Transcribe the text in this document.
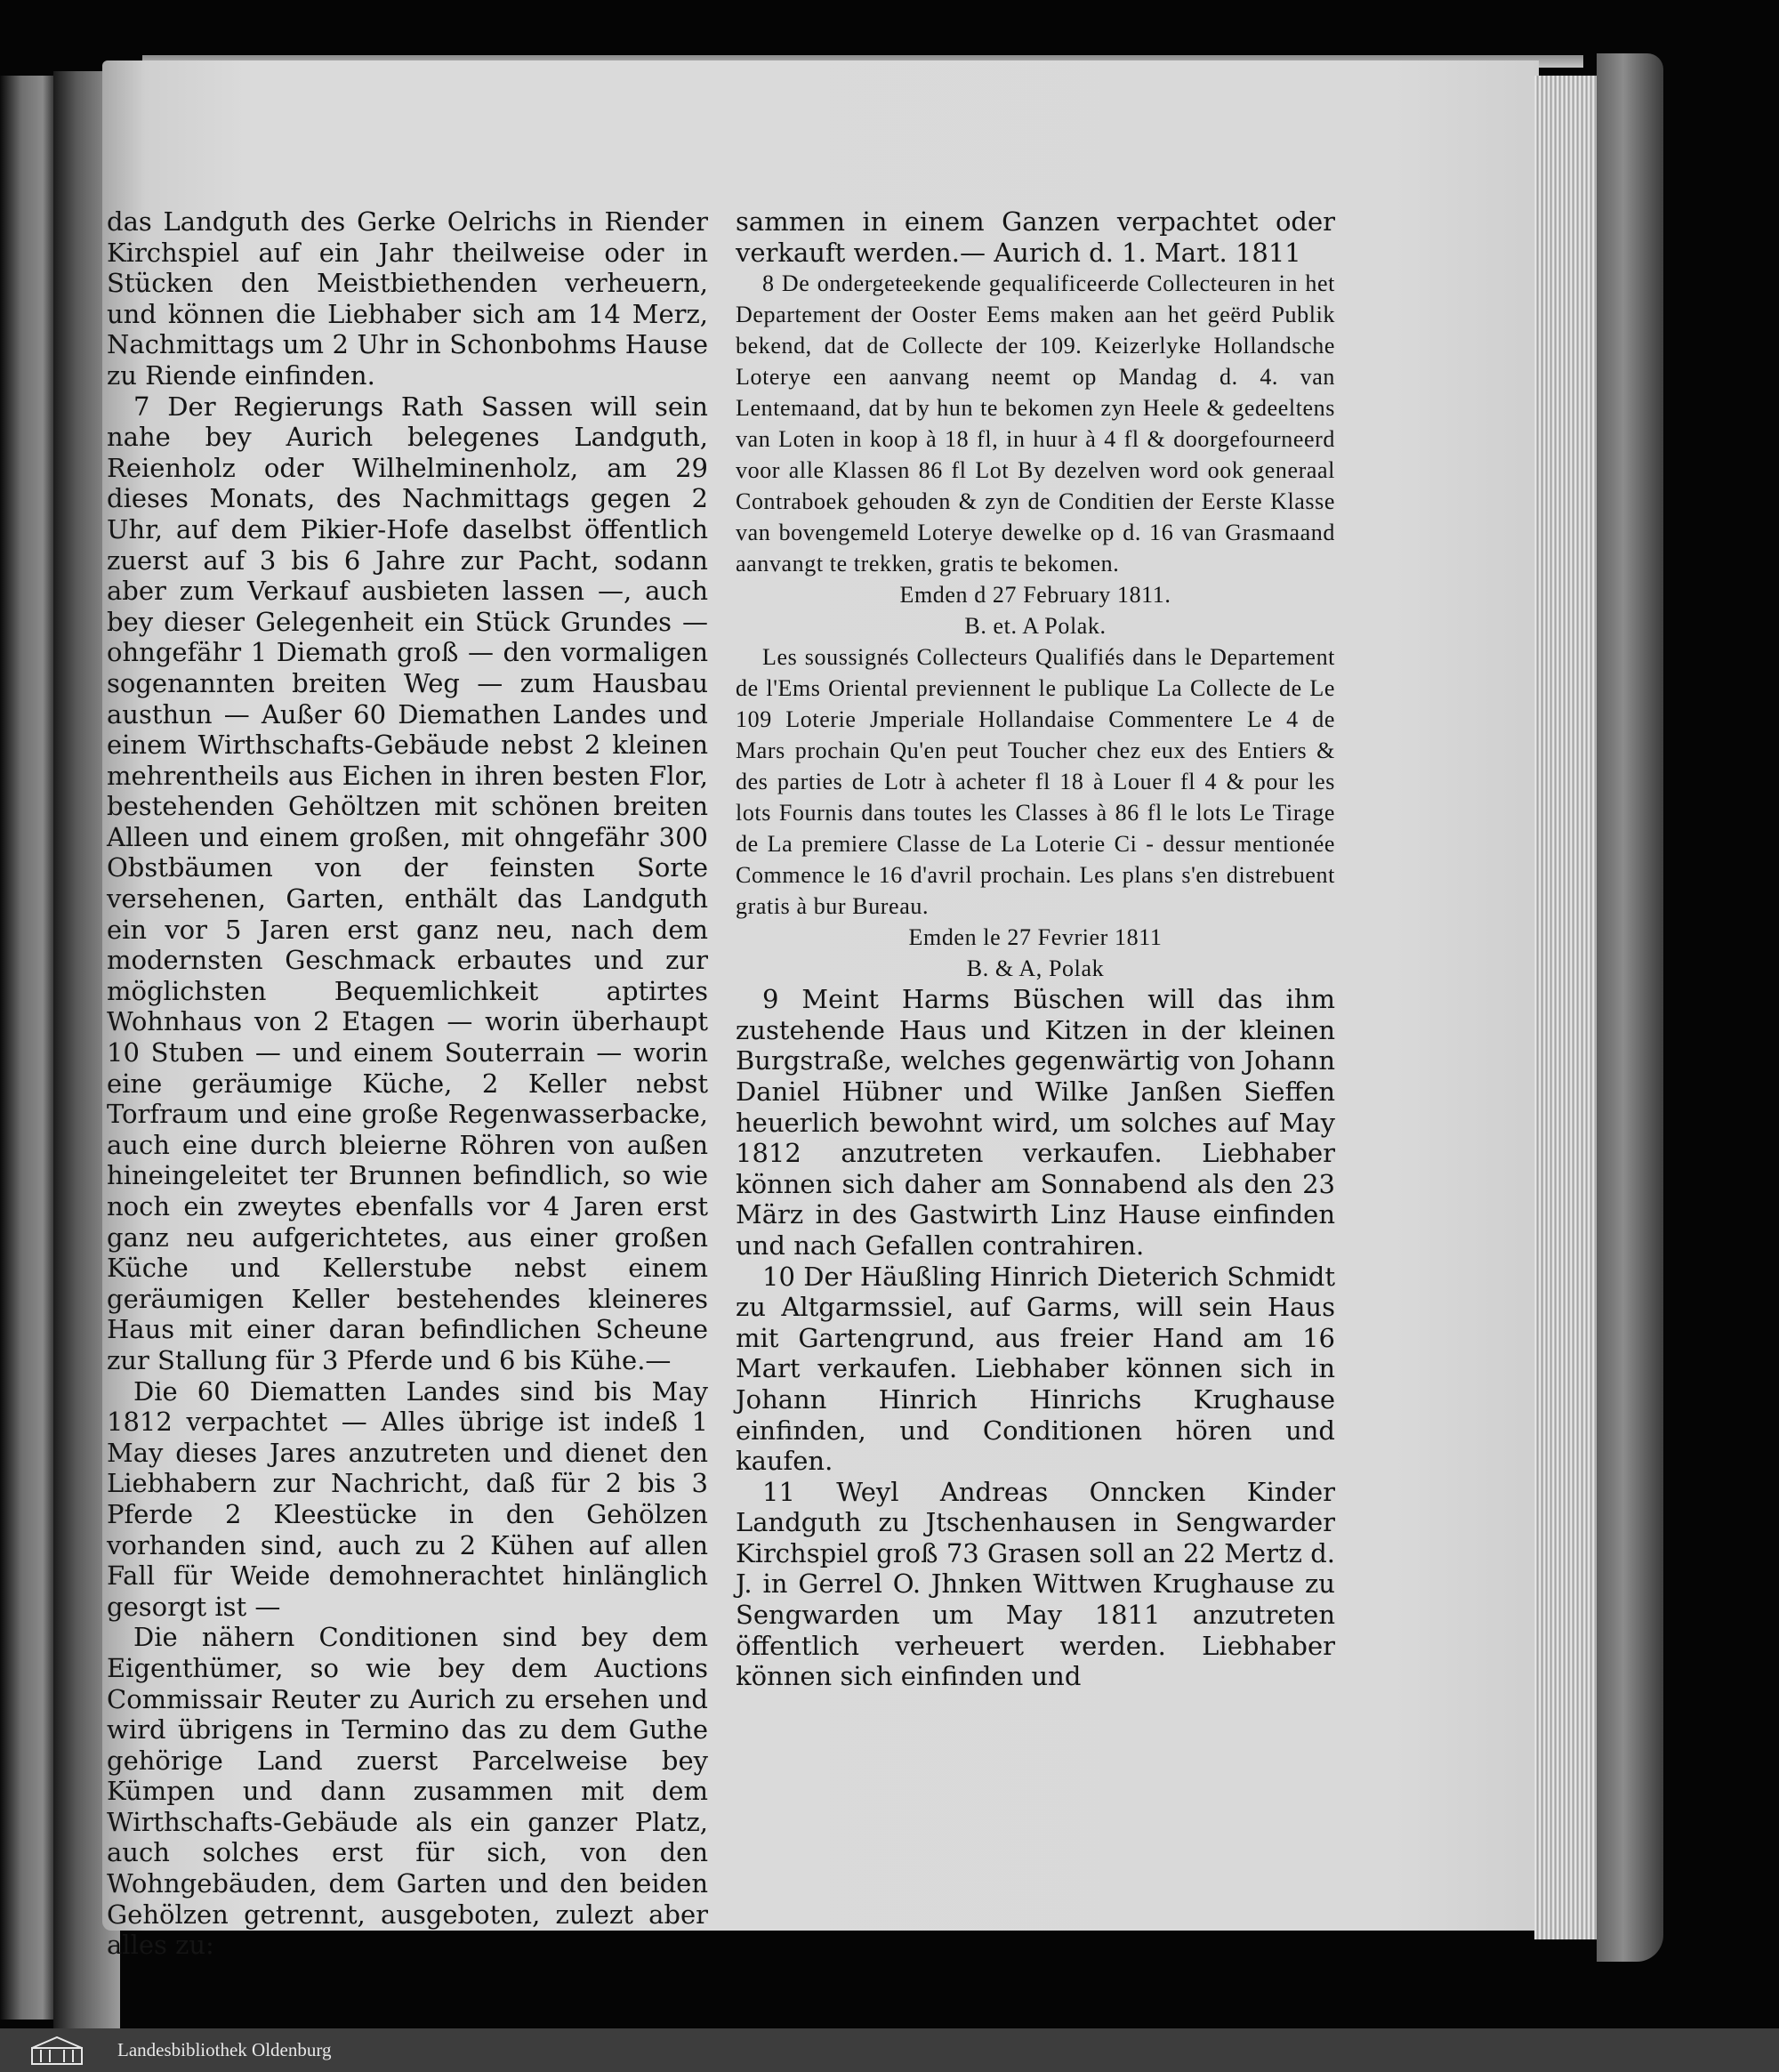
das Landguth des Gerke Oelrichs in Riender Kirchspiel auf ein Jahr theilweise oder in Stücken den Meistbiethenden verheuern, und können die Liebhaber sich am 14 Merz, Nachmittags um 2 Uhr in Schonbohms Hause zu Riende einfinden.

7 Der Regierungs Rath Sassen will sein nahe bey Aurich belegenes Landguth, Reienholz oder Wilhelminenholz, am 29 dieses Monats, des Nachmittags gegen 2 Uhr, auf dem Pikier-Hofe daselbst öffentlich zuerst auf 3 bis 6 Jahre zur Pacht, sodann aber zum Verkauf ausbieten lassen —, auch bey dieser Gelegenheit ein Stück Grundes — ohngefähr 1 Diemath groß — den vormaligen sogenannten breiten Weg — zum Hausbau austhun — Außer 60 Diemathen Landes und einem Wirthschafts-Gebäude nebst 2 kleinen mehrentheils aus Eichen in ihren besten Flor, bestehenden Gehöltzen mit schönen breiten Alleen und einem großen, mit ohngefähr 300 Obstbäumen von der feinsten Sorte versehenen, Garten, enthält das Landguth ein vor 5 Jaren erst ganz neu, nach dem modernsten Geschmack erbautes und zur möglichsten Bequemlichkeit aptirtes Wohnhaus von 2 Etagen — worin überhaupt 10 Stuben — und einem Souterrain — worin eine geräumige Küche, 2 Keller nebst Torfraum und eine große Regenwasserbacke, auch eine durch bleierne Röhren von außen hineingeleitet ter Brunnen befindlich, so wie noch ein zweytes ebenfalls vor 4 Jaren erst ganz neu aufgerichtetes, aus einer großen Küche und Kellerstube nebst einem geräumigen Keller bestehendes kleineres Haus mit einer daran befindlichen Scheune zur Stallung für 3 Pferde und 6 bis Kühe.—

Die 60 Diematten Landes sind bis May 1812 verpachtet — Alles übrige ist indeß 1 May dieses Jares anzutreten und dienet den Liebhabern zur Nachricht, daß für 2 bis 3 Pferde 2 Kleestücke in den Gehölzen vorhanden sind, auch zu 2 Kühen auf allen Fall für Weide demohnerachtet hinlänglich gesorgt ist —

Die nähern Conditionen sind bey dem Eigenthümer, so wie bey dem Auctions Commissair Reuter zu Aurich zu ersehen und wird übrigens in Termino das zu dem Guthe gehörige Land zuerst Parcelweise bey Kümpen und dann zusammen mit dem Wirthschafts-Gebäude als ein ganzer Platz, auch solches erst für sich, von den Wohngebäuden, dem Garten und den beiden Gehölzen getrennt, ausgeboten, zulezt aber alles zu:

sammen in einem Ganzen verpachtet oder verkauft werden.— Aurich d. 1. Mart. 1811

8 De ondergeteekende gequalificeerde Collecteuren in het Departement der Ooster Eems maken aan het geërd Publik bekend, dat de Collecte der 109. Keizerlyke Hollandsche Loterye een aanvang neemt op Mandag d. 4. van Lentemaand, dat by hun te bekomen zyn Heele & gedeeltens van Loten in koop à 18 fl, in huur à 4 fl & doorgefourneerd voor alle Klassen 86 fl Lot By dezelven word ook generaal Contraboek gehouden & zyn de Conditien der Eerste Klasse van bovengemeld Loterye dewelke op d. 16 van Grasmaand aanvangt te trekken, gratis te bekomen.

Emden d 27 February 1811.

B. et. A Polak.

Les soussignés Collecteurs Qualifiés dans le Departement de l'Ems Oriental previennent le publique La Collecte de Le 109 Loterie Jmperiale Hollandaise Commentere Le 4 de Mars prochain Qu'en peut Toucher chez eux des Entiers & des parties de Lotr à acheter fl 18 à Louer fl 4 & pour les lots Fournis dans toutes les Classes à 86 fl le lots Le Tirage de La premiere Classe de La Loterie Ci - dessur mentionée Commence le 16 d'avril prochain. Les plans s'en distrebuent gratis à bur Bureau.

Emden le 27 Fevrier 1811

B. & A, Polak

9 Meint Harms Büschen will das ihm zustehende Haus und Kitzen in der kleinen Burgstraße, welches gegenwärtig von Johann Daniel Hübner und Wilke Janßen Sieffen heuerlich bewohnt wird, um solches auf May 1812 anzutreten verkaufen. Liebhaber können sich daher am Sonnabend als den 23 März in des Gastwirth Linz Hause einfinden und nach Gefallen contrahiren.

10 Der Häußling Hinrich Dieterich Schmidt zu Altgarmssiel, auf Garms, will sein Haus mit Gartengrund, aus freier Hand am 16 Mart verkaufen. Liebhaber können sich in Johann Hinrich Hinrichs Krughause einfinden, und Conditionen hören und kaufen.

11 Weyl Andreas Onncken Kinder Landguth zu Jtschenhausen in Sengwarder Kirchspiel groß 73 Grasen soll an 22 Mertz d. J. in Gerrel O. Jhnken Wittwen Krughause zu Sengwarden um May 1811 anzutreten öffentlich verheuert werden. Liebhaber können sich einfinden und

Landesbibliothek Oldenburg
